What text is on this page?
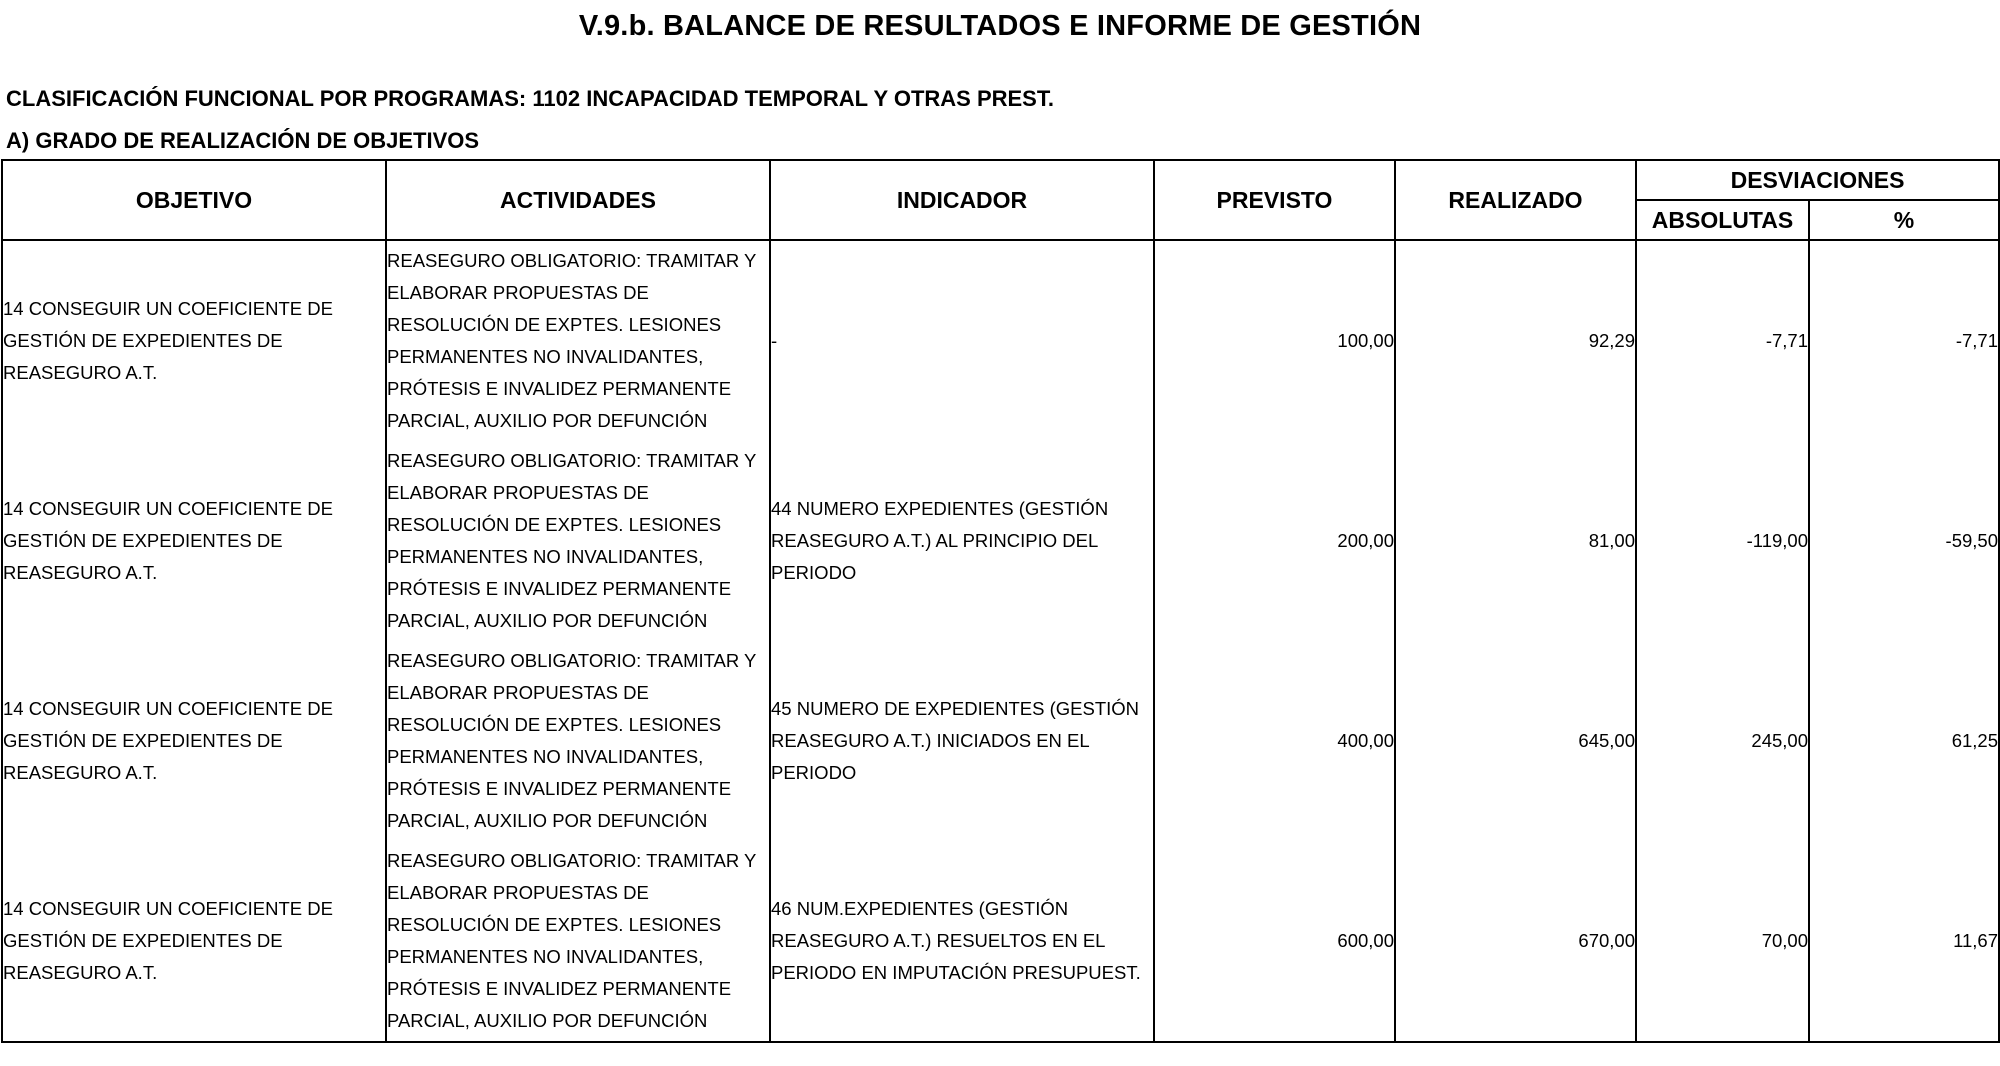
V.9.b. BALANCE DE RESULTADOS E INFORME DE GESTIÓN
CLASIFICACIÓN FUNCIONAL POR PROGRAMAS: 1102 INCAPACIDAD TEMPORAL Y OTRAS PREST.
A) GRADO DE REALIZACIÓN DE OBJETIVOS
OBJETIVO	ACTIVIDADES	INDICADOR	PREVISTO	REALIZADO	DESVIACIONES	
					ABSOLUTAS	%

14 CONSEGUIR UN COEFICIENTE DE GESTIÓN DE EXPEDIENTES DE REASEGURO A.T.	REASEGURO OBLIGATORIO: TRAMITAR Y ELABORAR PROPUESTAS DE RESOLUCIÓN DE EXPTES. LESIONES PERMANENTES NO INVALIDANTES, PRÓTESIS E INVALIDEZ PERMANENTE PARCIAL, AUXILIO POR DEFUNCIÓN	-	100,00	92,29	-7,71	-7,71

14 CONSEGUIR UN COEFICIENTE DE GESTIÓN DE EXPEDIENTES DE REASEGURO A.T.	REASEGURO OBLIGATORIO: TRAMITAR Y ELABORAR PROPUESTAS DE RESOLUCIÓN DE EXPTES. LESIONES PERMANENTES NO INVALIDANTES, PRÓTESIS E INVALIDEZ PERMANENTE PARCIAL, AUXILIO POR DEFUNCIÓN	44 NUMERO EXPEDIENTES (GESTIÓN REASEGURO A.T.) AL PRINCIPIO DEL PERIODO	200,00	81,00	-119,00	-59,50

14 CONSEGUIR UN COEFICIENTE DE GESTIÓN DE EXPEDIENTES DE REASEGURO A.T.	REASEGURO OBLIGATORIO: TRAMITAR Y ELABORAR PROPUESTAS DE RESOLUCIÓN DE EXPTES. LESIONES PERMANENTES NO INVALIDANTES, PRÓTESIS E INVALIDEZ PERMANENTE PARCIAL, AUXILIO POR DEFUNCIÓN	45 NUMERO DE EXPEDIENTES (GESTIÓN REASEGURO A.T.) INICIADOS EN EL PERIODO	400,00	645,00	245,00	61,25

14 CONSEGUIR UN COEFICIENTE DE GESTIÓN DE EXPEDIENTES DE REASEGURO A.T.	REASEGURO OBLIGATORIO: TRAMITAR Y ELABORAR PROPUESTAS DE RESOLUCIÓN DE EXPTES. LESIONES PERMANENTES NO INVALIDANTES, PRÓTESIS E INVALIDEZ PERMANENTE PARCIAL, AUXILIO POR DEFUNCIÓN	46 NUM.EXPEDIENTES (GESTIÓN REASEGURO A.T.) RESUELTOS EN EL PERIODO EN IMPUTACIÓN PRESUPUEST.	600,00	670,00	70,00	11,67
